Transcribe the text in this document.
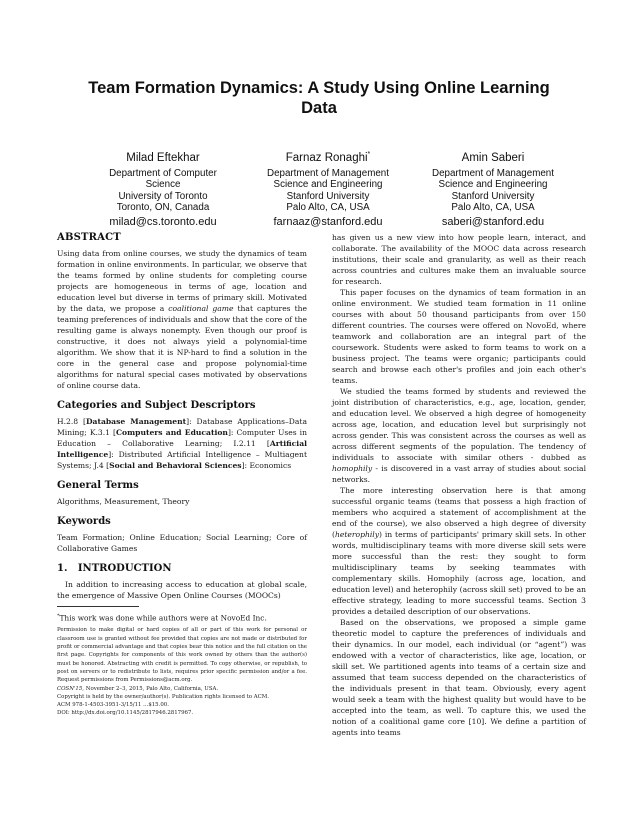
Team Formation Dynamics: A Study Using Online Learning Data
Milad Eftekhar
Department of Computer
Science
University of Toronto
Toronto, ON, Canada
milad@cs.toronto.edu
Farnaz Ronaghi*
Department of Management
Science and Engineering
Stanford University
Palo Alto, CA, USA
farnaaz@stanford.edu
Amin Saberi
Department of Management
Science and Engineering
Stanford University
Palo Alto, CA, USA
saberi@stanford.edu
ABSTRACT

Using data from online courses, we study the dynamics of team formation in online environments. In particular, we observe that the teams formed by online students for completing course projects are homogeneous in terms of age, location and education level but diverse in terms of primary skill. Motivated by the data, we propose a coalitional game that captures the teaming preferences of individuals and show that the core of the resulting game is always nonempty. Even though our proof is constructive, it does not always yield a polynomial-time algorithm. We show that it is NP-hard to find a solution in the core in the general case and propose polynomial-time algorithms for natural special cases motivated by observations of online course data.

Categories and Subject Descriptors

H.2.8 [Database Management]: Database Applications–Data Mining; K.3.1 [Computers and Education]: Computer Uses in Education – Collaborative Learning; I.2.11 [Artificial Intelligence]: Distributed Artificial Intelligence – Multiagent Systems; J.4 [Social and Behavioral Sciences]: Economics

General Terms

Algorithms, Measurement, Theory

Keywords

Team Formation; Online Education; Social Learning; Core of Collaborative Games

1.   INTRODUCTION

In addition to increasing access to education at global scale, the emergence of Massive Open Online Courses (MOOCs)

*This work was done while authors were at NovoEd Inc.

Permission to make digital or hard copies of all or part of this work for personal or classroom use is granted without fee provided that copies are not made or distributed for profit or commercial advantage and that copies bear this notice and the full citation on the first page. Copyrights for components of this work owned by others than the author(s) must be honored. Abstracting with credit is permitted. To copy otherwise, or republish, to post on servers or to redistribute to lists, requires prior specific permission and/or a fee. Request permissions from Permissions@acm.org.

COSN'15, November 2–3, 2015, Palo Alto, California, USA.

Copyright is held by the owner/author(s). Publication rights licensed to ACM.

ACM 978-1-4503-3951-3/15/11 ...$15.00.

DOI: http://dx.doi.org/10.1145/2817946.2817967.

has given us a new view into how people learn, interact, and collaborate. The availability of the MOOC data across research institutions, their scale and granularity, as well as their reach across countries and cultures make them an invaluable source for research.

This paper focuses on the dynamics of team formation in an online environment. We studied team formation in 11 online courses with about 50 thousand participants from over 150 different countries. The courses were offered on NovoEd, where teamwork and collaboration are an integral part of the coursework. Students were asked to form teams to work on a business project. The teams were organic; participants could search and browse each other's profiles and join each other's teams.

We studied the teams formed by students and reviewed the joint distribution of characteristics, e.g., age, location, gender, and education level. We observed a high degree of homogeneity across age, location, and education level but surprisingly not across gender. This was consistent across the courses as well as across different segments of the population. The tendency of individuals to associate with similar others - dubbed as homophily - is discovered in a vast array of studies about social networks.

The more interesting observation here is that among successful organic teams (teams that possess a high fraction of members who acquired a statement of accomplishment at the end of the course), we also observed a high degree of diversity (heterophily) in terms of participants' primary skill sets. In other words, multidisciplinary teams with more diverse skill sets were more successful than the rest: they sought to form multidisciplinary teams by seeking teammates with complementary skills. Homophily (across age, location, and education level) and heterophily (across skill set) proved to be an effective strategy, leading to more successful teams. Section 3 provides a detailed description of our observations.

Based on the observations, we proposed a simple game theoretic model to capture the preferences of individuals and their dynamics. In our model, each individual (or “agent”) was endowed with a vector of characteristics, like age, location, or skill set. We partitioned agents into teams of a certain size and assumed that team success depended on the characteristics of the individuals present in that team. Obviously, every agent would seek a team with the highest quality but would have to be accepted into the team, as well. To capture this, we used the notion of a coalitional game core [10]. We define a partition of agents into teams
